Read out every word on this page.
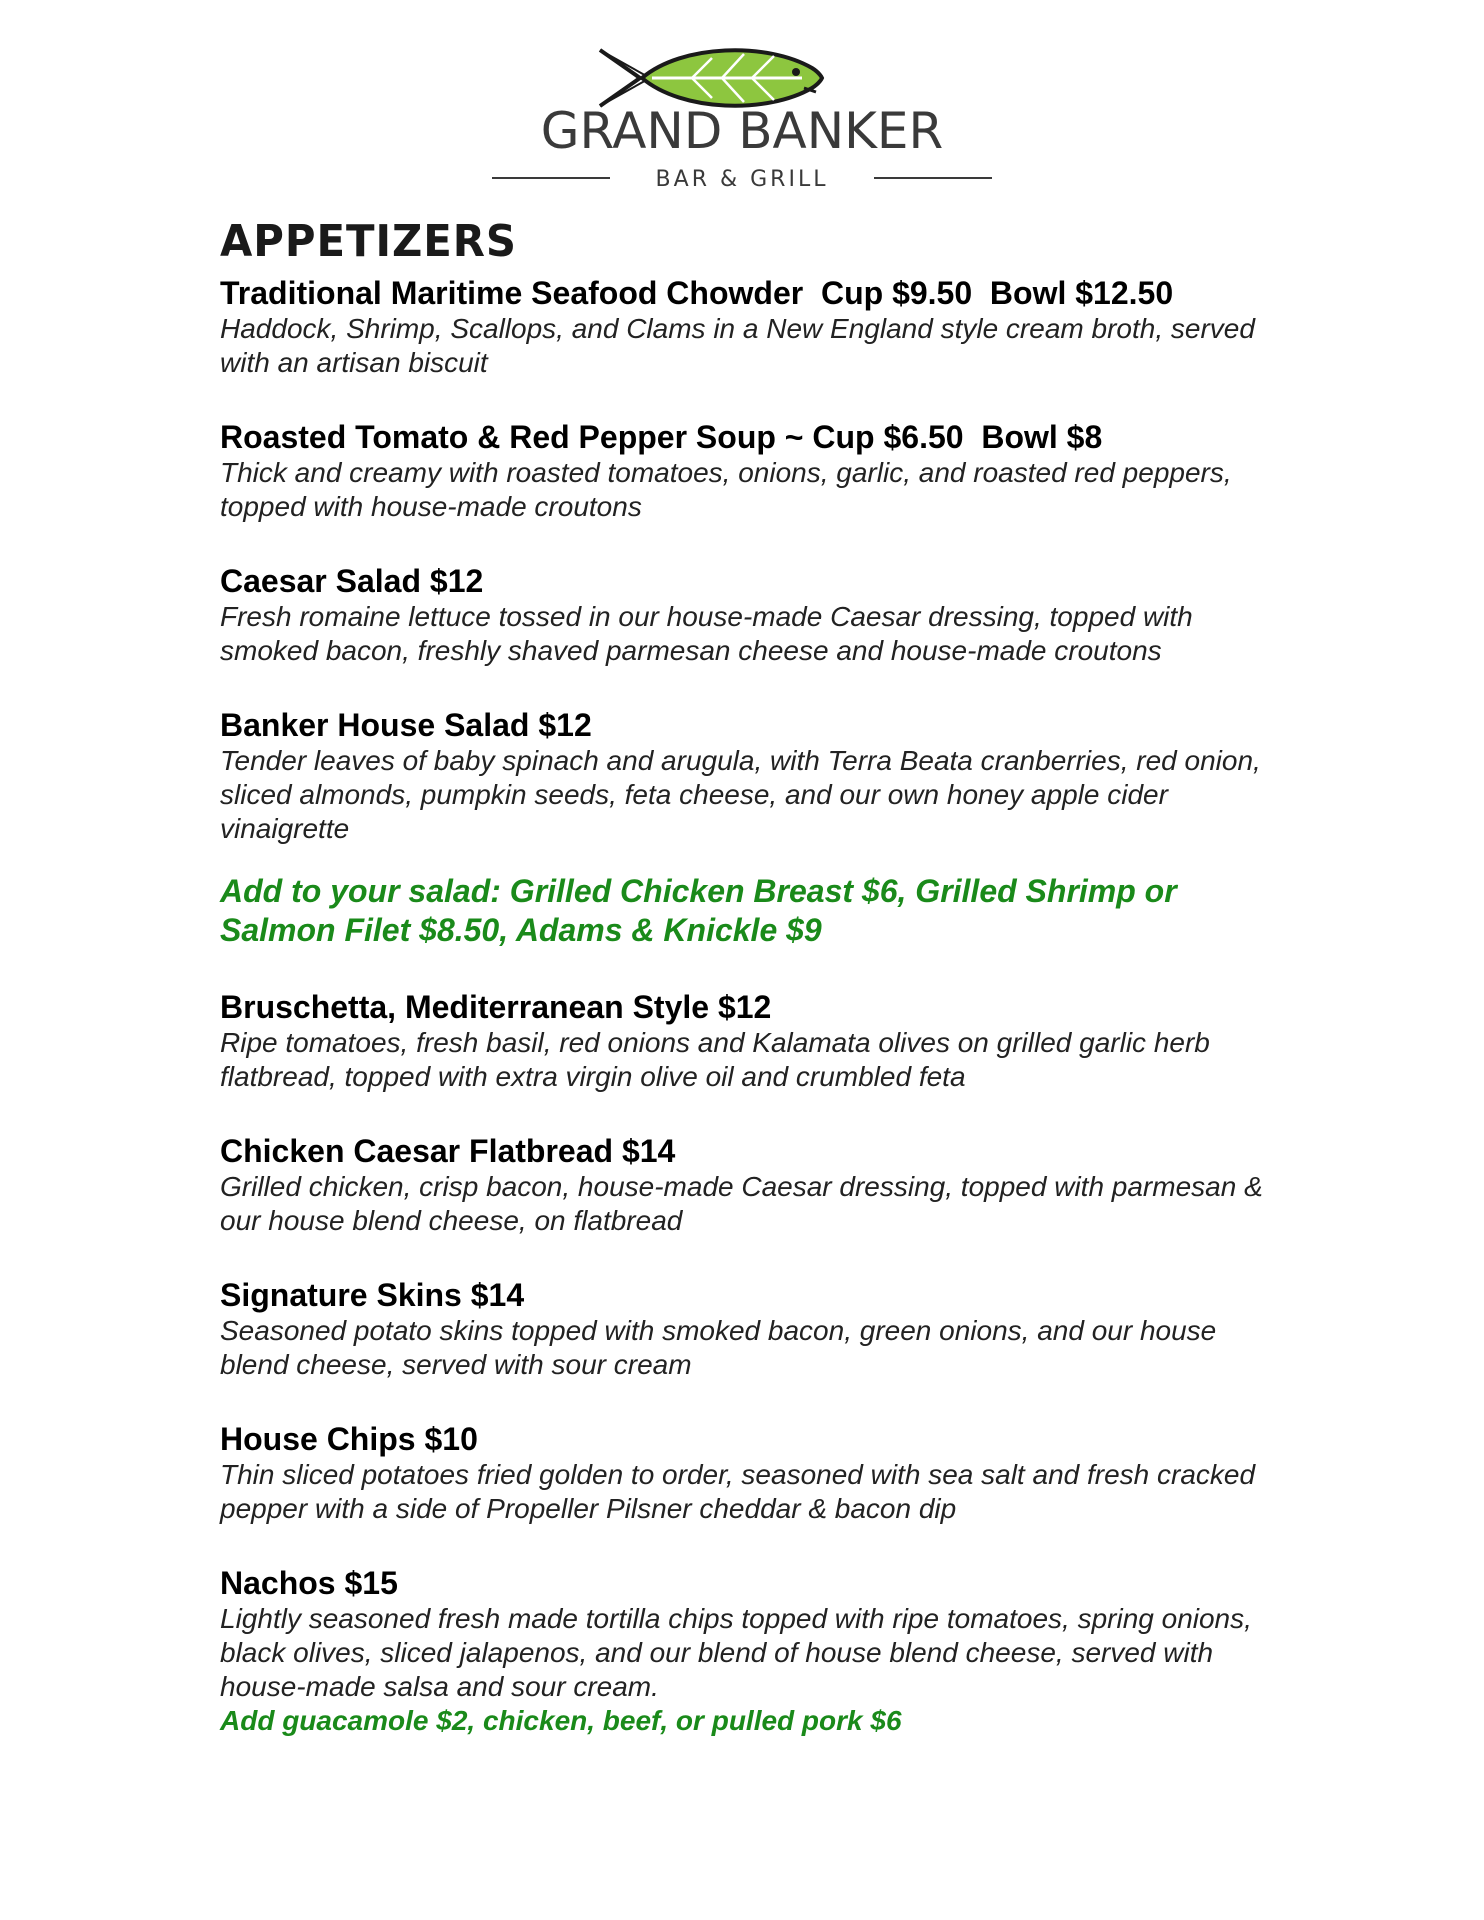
GRAND BANKER
BAR & GRILL
APPETIZERS
Traditional Maritime Seafood Chowder  Cup $9.50  Bowl $12.50
Haddock, Shrimp, Scallops, and Clams in a New England style cream broth, served with an artisan biscuit
Roasted Tomato & Red Pepper Soup ~ Cup $6.50  Bowl $8
Thick and creamy with roasted tomatoes, onions, garlic, and roasted red peppers, topped with house-made croutons
Caesar Salad $12
Fresh romaine lettuce tossed in our house-made Caesar dressing, topped with smoked bacon, freshly shaved parmesan cheese and house-made croutons
Banker House Salad $12
Tender leaves of baby spinach and arugula, with Terra Beata cranberries, red onion, sliced almonds, pumpkin seeds, feta cheese, and our own honey apple cider vinaigrette
Add to your salad: Grilled Chicken Breast $6, Grilled Shrimp or Salmon Filet $8.50, Adams & Knickle $9
Bruschetta, Mediterranean Style $12
Ripe tomatoes, fresh basil, red onions and Kalamata olives on grilled garlic herb flatbread, topped with extra virgin olive oil and crumbled feta
Chicken Caesar Flatbread $14
Grilled chicken, crisp bacon, house-made Caesar dressing, topped with parmesan & our house blend cheese, on flatbread
Signature Skins $14
Seasoned potato skins topped with smoked bacon, green onions, and our house blend cheese, served with sour cream
House Chips $10
Thin sliced potatoes fried golden to order, seasoned with sea salt and fresh cracked pepper with a side of Propeller Pilsner cheddar & bacon dip
Nachos $15
Lightly seasoned fresh made tortilla chips topped with ripe tomatoes, spring onions, black olives, sliced jalapenos, and our blend of house blend cheese, served with house-made salsa and sour cream.
Add guacamole $2, chicken, beef, or pulled pork $6
